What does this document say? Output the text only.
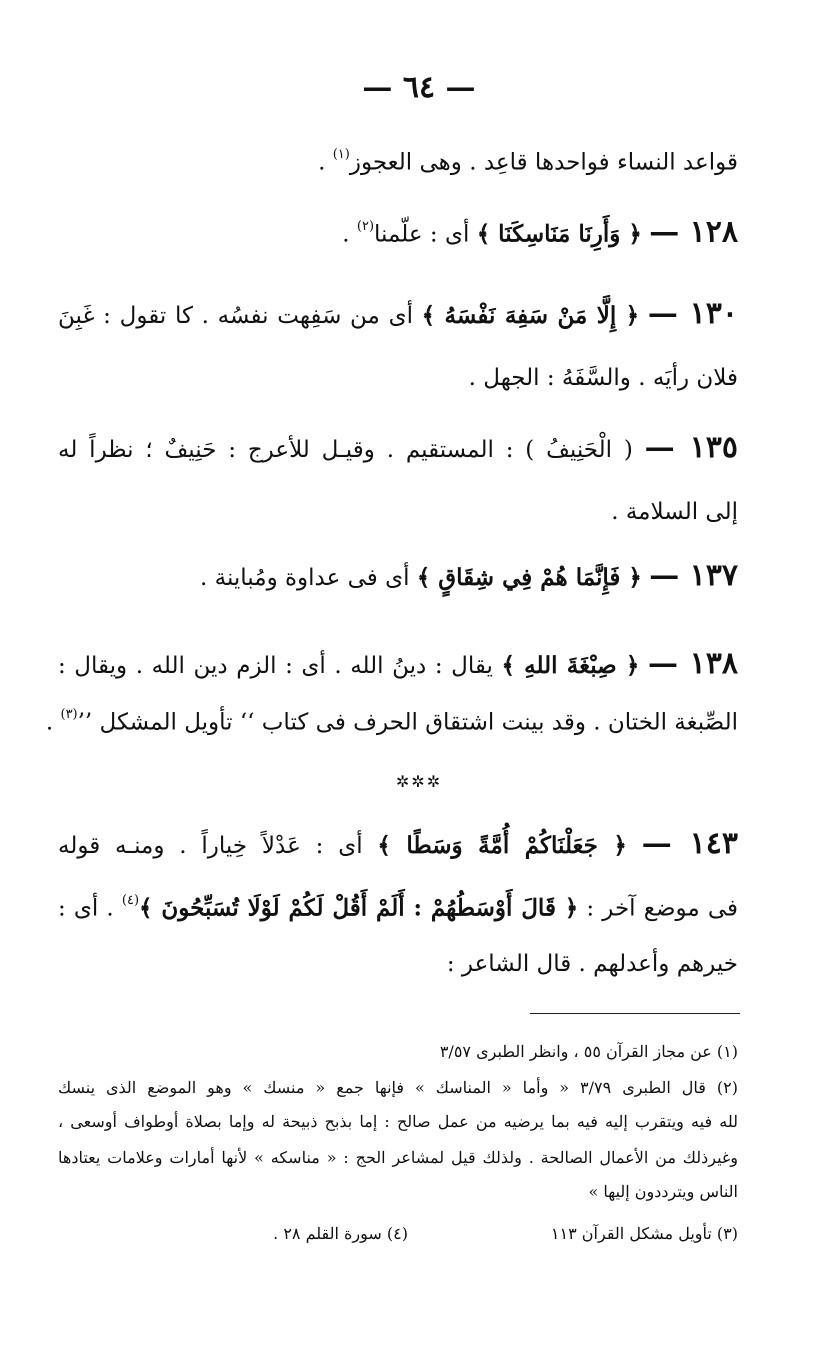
— ٦٤ —
قواعد النساء فواحدها قاعِد . وهى العجوز$^{(١)}$ .
١٢٨ — ﴿ وَأَرِنَا مَنَاسِكَنَا ﴾ أى : علّمنا$^{(٢)}$ .
١٣٠ — ﴿ إِلَّا مَنْ سَفِهَ نَفْسَهُ ﴾ أى من سَفِهت نفسُه . كا تقول : غَبِنَ
فلان رأيَه . والسَّفَهُ : الجهل .
١٣٥ — ( الْحَنِيفُ ) : المستقيم . وقيـل للأعرج : حَنِيفٌ ؛ نظراً له
إلى السلامة .
١٣٧ — ﴿ فَإِنَّمَا هُمْ فِي شِقَاقٍ ﴾ أى فى عداوة ومُباينة .
١٣٨ — ﴿ صِبْغَةَ اللهِ ﴾ يقال : دينُ الله . أى : الزم دين الله . ويقال :
الصِّبغة الختان . وقد بينت اشتقاق الحرف فى كتاب ‘‘ تأويل المشكل ’’$^{(٣)}$ .
✲✲✲
١٤٣ — ﴿ جَعَلْنَاكُمْ أُمَّةً وَسَطًا ﴾ أى : عَدْلاً خِياراً . ومنـه قوله
فى موضع آخر : ﴿ قَالَ أَوْسَطُهُمْ : أَلَمْ أَقُلْ لَكُمْ لَوْلَا تُسَبِّحُونَ ﴾$^{(٤)}$ . أى :
خيرهم وأعدلهم . قال الشاعر :
(١) عن مجاز القرآن ٥٥ ، وانظر الطبرى ٣/٥٧
(٢) قال الطبرى ٣/٧٩ « وأما « المناسك » فإنها جمع « منسك » وهو الموضع الذى ينسك
لله فيه ويتقرب إليه فيه بما يرضيه من عمل صالح : إما بذبح ذبيحة له وإما بصلاة أوطواف أوسعى ،
وغيرذلك من الأعمال الصالحة . ولذلك قيل لمشاعر الحج : « مناسكه » لأنها أمارات وعلامات يعتادها
الناس ويترددون إليها »
(٣) تأويل مشكل القرآن ١١٣
(٤) سورة القلم ٢٨ .
